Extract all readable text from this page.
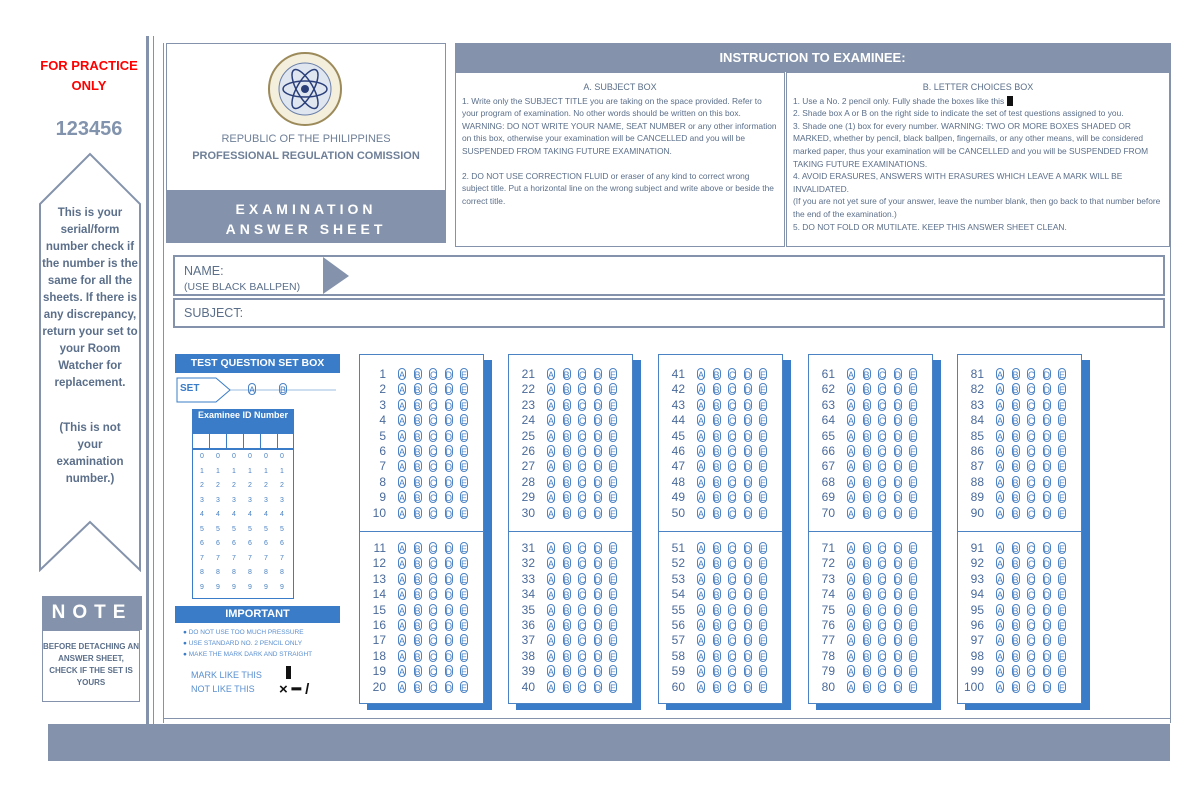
FOR PRACTICE ONLY
123456
This is your serial/form number check if the number is the same for all the sheets. If there is any discrepancy, return your set to your Room Watcher for replacement.
(This is not your examination number.)
NOTE
BEFORE DETACHING AN ANSWER SHEET, CHECK IF THE SET IS YOURS
REPUBLIC OF THE PHILIPPINES
PROFESSIONAL REGULATION COMISSION
EXAMINATION
ANSWER SHEET
INSTRUCTION TO EXAMINEE:
A. SUBJECT BOX

1. Write only the SUBJECT TITLE you are taking on the space provided. Refer to your program of examination. No other words should be written on this box. WARNING: DO NOT WRITE YOUR NAME, SEAT NUMBER or any other information on this box, otherwise your examination will be CANCELLED and you will be SUSPENDED FROM TAKING FUTURE EXAMINATION.

2. DO NOT USE CORRECTION FLUID or eraser of any kind to correct wrong subject title. Put a horizontal line on the wrong subject and write above or beside the correct title.

B. LETTER CHOICES BOX

1. Use a No. 2 pencil only. Fully shade the boxes like this

2. Shade box A or B on the right side to indicate the set of test questions assigned to you.

3. Shade one (1) box for every number. WARNING: TWO OR MORE BOXES SHADED OR MARKED, whether by pencil, black ballpen, fingernails, or any other means, will be considered marked paper, thus your examination will be CANCELLED and you will be SUSPENDED FROM TAKING FUTURE EXAMINATIONS.

4. AVOID ERASURES, ANSWERS WITH ERASURES WHICH LEAVE A MARK WILL BE INVALIDATED.

(If you are not yet sure of your answer, leave the number blank, then go back to that number before the end of the examination.)

5. DO NOT FOLD OR MUTILATE. KEEP THIS ANSWER SHEET CLEAN.

NAME:
(USE BLACK BALLPEN)
SUBJECT:
TEST QUESTION SET BOX
SET	A	B
Examinee ID Number
0
1
2
3
4
5
6
7
8
9
0
1
2
3
4
5
6
7
8
9
0
1
2
3
4
5
6
7
8
9
0
1
2
3
4
5
6
7
8
9
0
1
2
3
4
5
6
7
8
9
0
1
2
3
4
5
6
7
8
9
IMPORTANT
● DO NOT USE TOO MUCH PRESSURE
● USE STANDARD NO. 2 PENCIL ONLY
● MAKE THE MARK DARK AND STRAIGHT
MARK LIKE THIS
NOT LIKE THIS × ━ /
1 A B C D E
2 A B C D E
3 A B C D E
4 A B C D E
5 A B C D E
6 A B C D E
7 A B C D E
8 A B C D E
9 A B C D E
10 A B C D E
11 A B C D E
12 A B C D E
13 A B C D E
14 A B C D E
15 A B C D E
16 A B C D E
17 A B C D E
18 A B C D E
19 A B C D E
20 A B C D E
21 A B C D E
22 A B C D E
23 A B C D E
24 A B C D E
25 A B C D E
26 A B C D E
27 A B C D E
28 A B C D E
29 A B C D E
30 A B C D E
31 A B C D E
32 A B C D E
33 A B C D E
34 A B C D E
35 A B C D E
36 A B C D E
37 A B C D E
38 A B C D E
39 A B C D E
40 A B C D E
41 A B C D E
42 A B C D E
43 A B C D E
44 A B C D E
45 A B C D E
46 A B C D E
47 A B C D E
48 A B C D E
49 A B C D E
50 A B C D E
51 A B C D E
52 A B C D E
53 A B C D E
54 A B C D E
55 A B C D E
56 A B C D E
57 A B C D E
58 A B C D E
59 A B C D E
60 A B C D E
61 A B C D E
62 A B C D E
63 A B C D E
64 A B C D E
65 A B C D E
66 A B C D E
67 A B C D E
68 A B C D E
69 A B C D E
70 A B C D E
71 A B C D E
72 A B C D E
73 A B C D E
74 A B C D E
75 A B C D E
76 A B C D E
77 A B C D E
78 A B C D E
79 A B C D E
80 A B C D E
81 A B C D E
82 A B C D E
83 A B C D E
84 A B C D E
85 A B C D E
86 A B C D E
87 A B C D E
88 A B C D E
89 A B C D E
90 A B C D E
91 A B C D E
92 A B C D E
93 A B C D E
94 A B C D E
95 A B C D E
96 A B C D E
97 A B C D E
98 A B C D E
99 A B C D E
100 A B C D E
